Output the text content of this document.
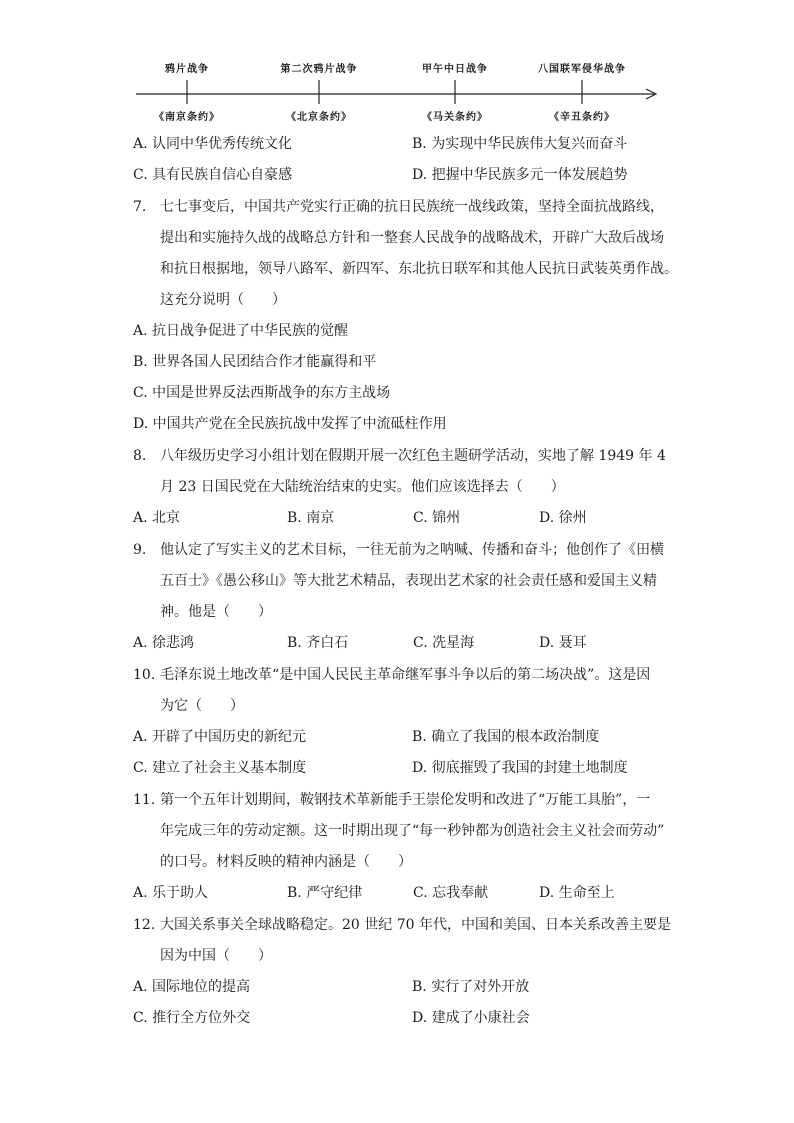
鸦片战争	第二次鸦片战争	甲午中日战争	八国联军侵华战争
《南京条约》	《北京条约》	《马关条约》	《辛丑条约》
A. 认同中华优秀传统文化	B. 为实现中华民族伟大复兴而奋斗
C. 具有民族自信心自豪感	D. 把握中华民族多元一体发展趋势
7. 七七事变后，中国共产党实行正确的抗日民族统一战线政策，坚持全面抗战路线，
提出和实施持久战的战略总方针和一整套人民战争的战略战术，开辟广大敌后战场
和抗日根据地，领导八路军、新四军、东北抗日联军和其他人民抗日武装英勇作战。
这充分说明（　　）
A. 抗日战争促进了中华民族的觉醒
B. 世界各国人民团结合作才能赢得和平
C. 中国是世界反法西斯战争的东方主战场
D. 中国共产党在全民族抗战中发挥了中流砥柱作用
8. 八年级历史学习小组计划在假期开展一次红色主题研学活动，实地了解 1949 年 4
月 23 日国民党在大陆统治结束的史实。他们应该选择去（　　）
A. 北京	B. 南京	C. 锦州	D. 徐州
9. 他认定了写实主义的艺术目标，一往无前为之呐喊、传播和奋斗；他创作了《田横
五百士》《愚公移山》等大批艺术精品，表现出艺术家的社会责任感和爱国主义精
神。他是（　　）
A. 徐悲鸿	B. 齐白石	C. 冼星海	D. 聂耳
10. 毛泽东说土地改革“是中国人民民主革命继军事斗争以后的第二场决战”。这是因
为它（　　）
A. 开辟了中国历史的新纪元	B. 确立了我国的根本政治制度
C. 建立了社会主义基本制度	D. 彻底摧毁了我国的封建土地制度
11. 第一个五年计划期间，鞍钢技术革新能手王崇伦发明和改进了“万能工具胎”，一
年完成三年的劳动定额。这一时期出现了“每一秒钟都为创造社会主义社会而劳动”
的口号。材料反映的精神内涵是（　　）
A. 乐于助人	B. 严守纪律	C. 忘我奉献	D. 生命至上
12. 大国关系事关全球战略稳定。20 世纪 70 年代，中国和美国、日本关系改善主要是
因为中国（　　）
A. 国际地位的提高	B. 实行了对外开放
C. 推行全方位外交	D. 建成了小康社会
